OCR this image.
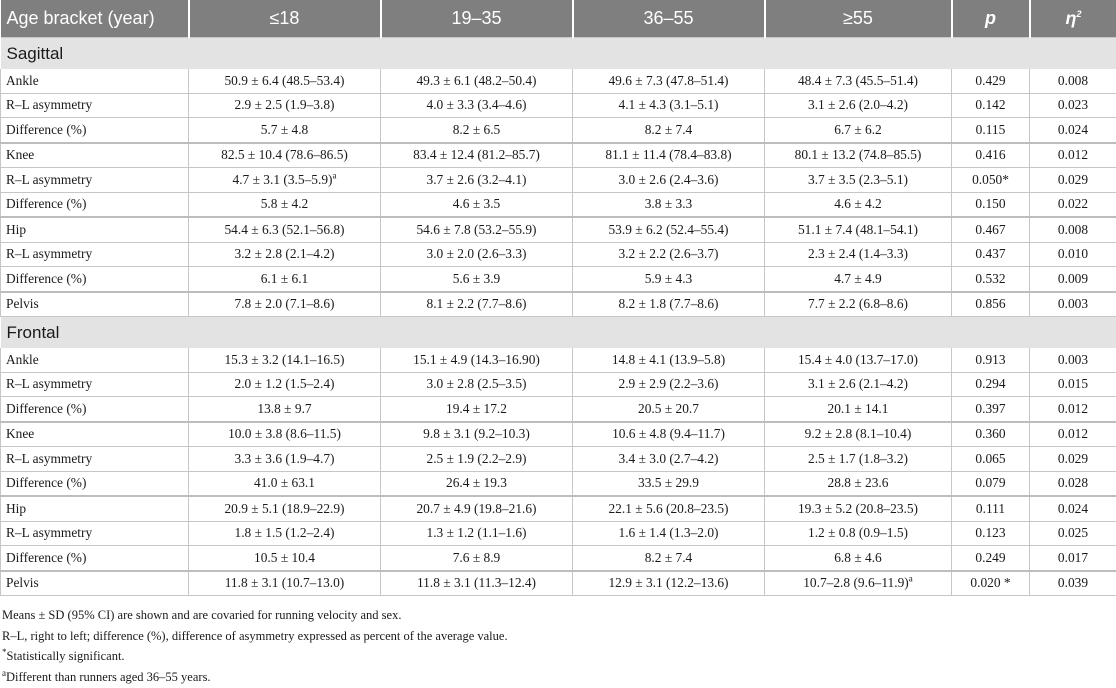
Age bracket (year)	≤18	19–35	36–55	≥55	p	$\eta^2$
Sagittal						
Ankle	50.9 ± 6.4 (48.5–53.4)	49.3 ± 6.1 (48.2–50.4)	49.6 ± 7.3 (47.8–51.4)	48.4 ± 7.3 (45.5–51.4)	0.429	0.008
R–L asymmetry	2.9 ± 2.5 (1.9–3.8)	4.0 ± 3.3 (3.4–4.6)	4.1 ± 4.3 (3.1–5.1)	3.1 ± 2.6 (2.0–4.2)	0.142	0.023
Difference (%)	5.7 ± 4.8	8.2 ± 6.5	8.2 ± 7.4	6.7 ± 6.2	0.115	0.024
Knee	82.5 ± 10.4 (78.6–86.5)	83.4 ± 12.4 (81.2–85.7)	81.1 ± 11.4 (78.4–83.8)	80.1 ± 13.2 (74.8–85.5)	0.416	0.012
R–L asymmetry	4.7 ± 3.1 $(3.5-5.9)^a$	3.7 ± 2.6 (3.2–4.1)	3.0 ± 2.6 (2.4–3.6)	3.7 ± 3.5 (2.3–5.1)	0.050*	0.029
Difference (%)	5.8 ± 4.2	4.6 ± 3.5	3.8 ± 3.3	4.6 ± 4.2	0.150	0.022
Hip	54.4 ± 6.3 (52.1–56.8)	54.6 ± 7.8 (53.2–55.9)	53.9 ± 6.2 (52.4–55.4)	51.1 ± 7.4 (48.1–54.1)	0.467	0.008
R–L asymmetry	3.2 ± 2.8 (2.1–4.2)	3.0 ± 2.0 (2.6–3.3)	3.2 ± 2.2 (2.6–3.7)	2.3 ± 2.4 (1.4–3.3)	0.437	0.010
Difference (%)	6.1 ± 6.1	5.6 ± 3.9	5.9 ± 4.3	4.7 ± 4.9	0.532	0.009
Pelvis	7.8 ± 2.0 (7.1–8.6)	8.1 ± 2.2 (7.7–8.6)	8.2 ± 1.8 (7.7–8.6)	7.7 ± 2.2 (6.8–8.6)	0.856	0.003
Frontal						
Ankle	15.3 ± 3.2 (14.1–16.5)	15.1 ± 4.9 (14.3–16.90)	14.8 ± 4.1 (13.9–5.8)	15.4 ± 4.0 (13.7–17.0)	0.913	0.003
R–L asymmetry	2.0 ± 1.2 (1.5–2.4)	3.0 ± 2.8 (2.5–3.5)	2.9 ± 2.9 (2.2–3.6)	3.1 ± 2.6 (2.1–4.2)	0.294	0.015
Difference (%)	13.8 ± 9.7	19.4 ± 17.2	20.5 ± 20.7	20.1 ± 14.1	0.397	0.012
Knee	10.0 ± 3.8 (8.6–11.5)	9.8 ± 3.1 (9.2–10.3)	10.6 ± 4.8 (9.4–11.7)	9.2 ± 2.8 (8.1–10.4)	0.360	0.012
R–L asymmetry	3.3 ± 3.6 (1.9–4.7)	2.5 ± 1.9 (2.2–2.9)	3.4 ± 3.0 (2.7–4.2)	2.5 ± 1.7 (1.8–3.2)	0.065	0.029
Difference (%)	41.0 ± 63.1	26.4 ± 19.3	33.5 ± 29.9	28.8 ± 23.6	0.079	0.028
Hip	20.9 ± 5.1 (18.9–22.9)	20.7 ± 4.9 (19.8–21.6)	22.1 ± 5.6 (20.8–23.5)	19.3 ± 5.2 (20.8–23.5)	0.111	0.024
R–L asymmetry	1.8 ± 1.5 (1.2–2.4)	1.3 ± 1.2 (1.1–1.6)	1.6 ± 1.4 (1.3–2.0)	1.2 ± 0.8 (0.9–1.5)	0.123	0.025
Difference (%)	10.5 ± 10.4	7.6 ± 8.9	8.2 ± 7.4	6.8 ± 4.6	0.249	0.017
Pelvis	11.8 ± 3.1 (10.7–13.0)	11.8 ± 3.1 (11.3–12.4)	12.9 ± 3.1 (12.2–13.6)	10.7–2.8 $(9.6-11.9)^a$	0.020 *	0.039
Means ± SD (95% CI) are shown and are covaried for running velocity and sex.
R–L, right to left; difference (%), difference of asymmetry expressed as percent of the average value.
*Statistically significant.
$^a$Different than runners aged 36–55 years.
